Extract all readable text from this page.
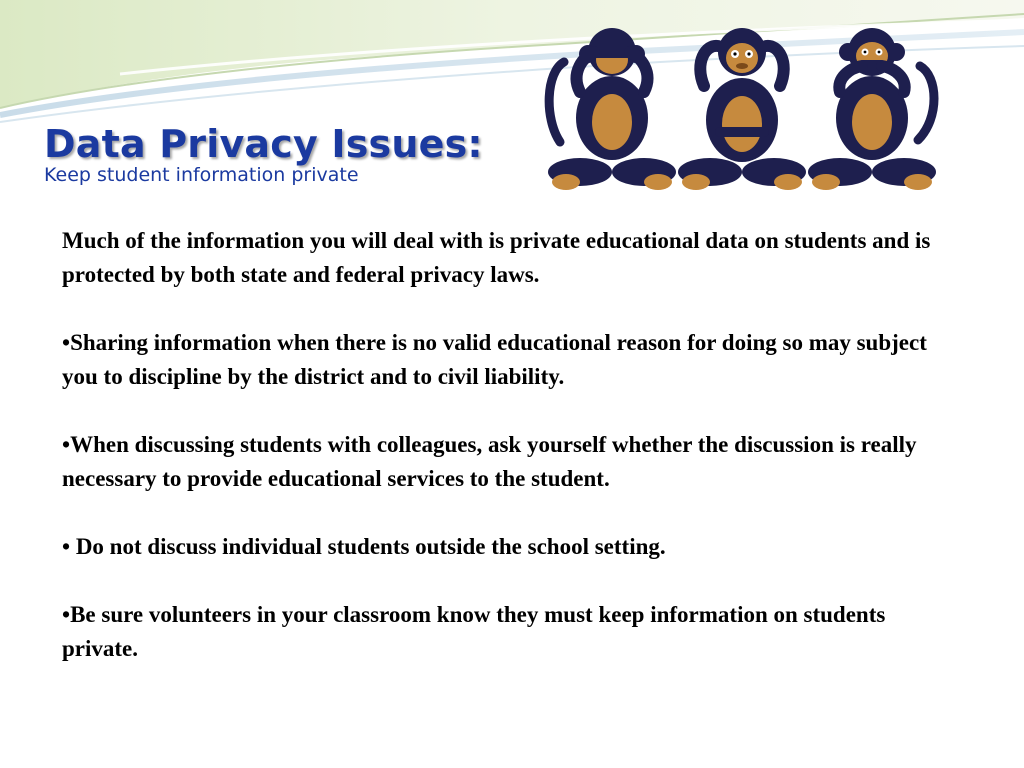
Data Privacy Issues:
Keep student information private

Much of the information you will deal with is private educational data on students and is protected by both state and federal privacy laws.

•Sharing information when there is no valid educational reason for doing so may subject you to discipline by the district and to civil liability.

•When discussing students with colleagues, ask yourself whether the discussion is really necessary to provide educational services to the student.

• Do not discuss individual students outside the school setting.

•Be sure volunteers in your classroom know they must keep information on students private.
